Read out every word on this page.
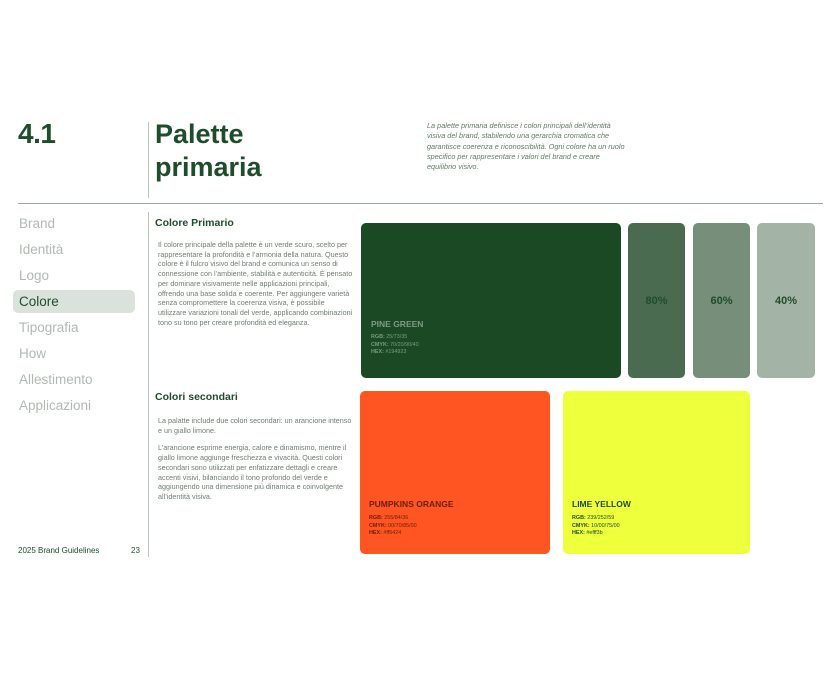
4.1	Palette
primaria
La palette primaria definisce i colori principali dell’identità visiva del brand, stabilendo una gerarchia cromatica che garantisce coerenza e riconoscibilità. Ogni colore ha un ruolo specifico per rappresentare i valori del brand e creare equilibrio visivo.
Brand
Identità
Logo
Colore
Tipografia
How
Allestimento
Applicazioni
2025 Brand Guidelines	23
Colore Primario
Il colore principale della palette è un verde scuro, scelto per rappresentare la profondità e l’armonia della natura. Questo colore è il fulcro visivo del brand e comunica un senso di connessione con l’ambiente, stabilità e autenticità. È pensato per dominare visivamente nelle applicazioni principali, offrendo una base solida e coerente. Per aggiungere varietà senza compromettere la coerenza visiva, è possibile utilizzare variazioni tonali del verde, applicando combinazioni tono su tono per creare profondità ed eleganza.
Colori secondari

La palatte include due colori secondari: un arancione intenso e un giallo limone.

L’arancione esprime energia, calore e dinamismo, mentre il giallo limone aggiunge freschezza e vivacità. Questi colori secondari sono utilizzati per enfatizzare dettagli e creare accenti visivi, bilanciando il tono profondo del verde e aggiungendo una dimensione più dinamica e coinvolgente all’identità visiva.

PINE GREEN
RGB: 25/73/35
CMYK: 70/20/90/40
HEX: #194923
80%	60%	40%
PUMPKINS ORANGE
RGB: 255/84/36
CMYK: 00/70/85/00
HEX: #ff5424
LIME YELLOW
RGB: 239/252/59
CMYK: 10/00/75/00
HEX: #efff3b
